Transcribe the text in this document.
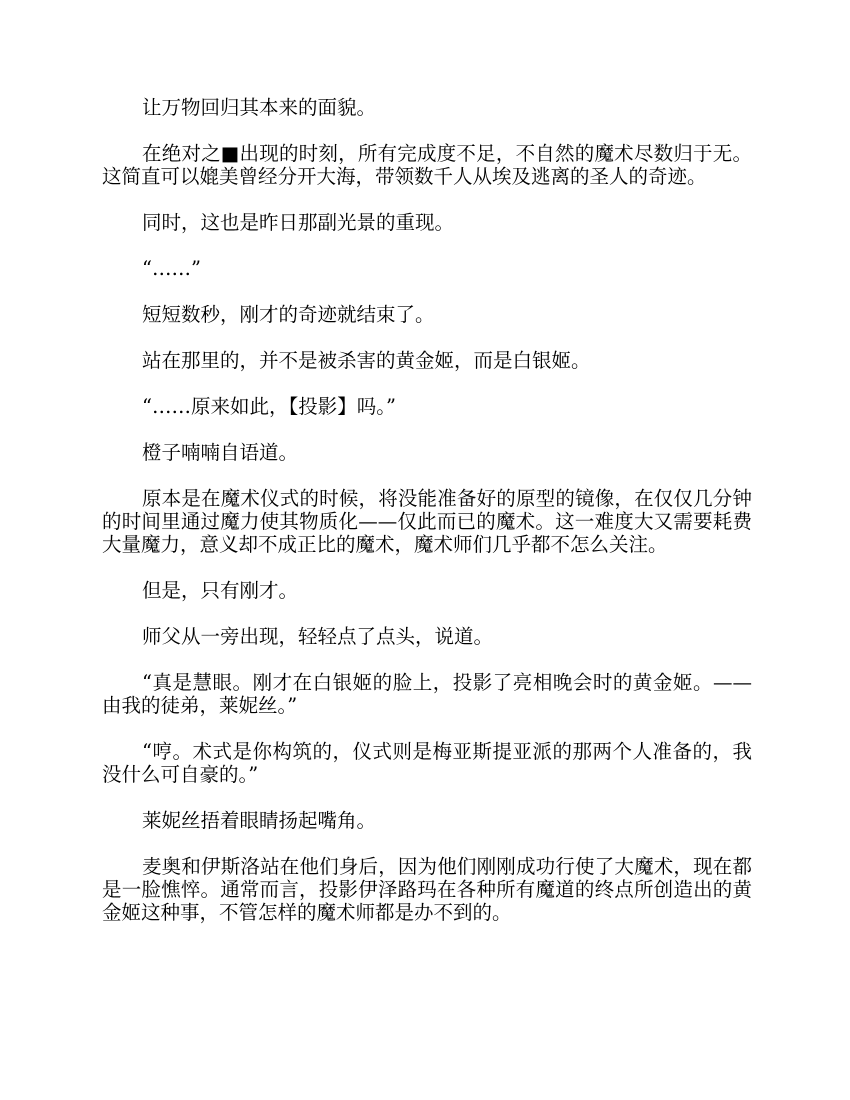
让万物回归其本来的面貌。

在绝对之■出现的时刻，所有完成度不足，不自然的魔术尽数归于无。这简直可以媲美曾经分开大海，带领数千人从埃及逃离的圣人的奇迹。

同时，这也是昨日那副光景的重现。

“……”

短短数秒，刚才的奇迹就结束了。

站在那里的，并不是被杀害的黄金姬，而是白银姬。

“……原来如此，【投影】吗。”

橙子喃喃自语道。

原本是在魔术仪式的时候，将没能准备好的原型的镜像，在仅仅几分钟的时间里通过魔力使其物质化——仅此而已的魔术。这一难度大又需要耗费大量魔力，意义却不成正比的魔术，魔术师们几乎都不怎么关注。

但是，只有刚才。

师父从一旁出现，轻轻点了点头，说道。

“真是慧眼。刚才在白银姬的脸上，投影了亮相晚会时的黄金姬。——由我的徒弟，莱妮丝。”

“哼。术式是你构筑的，仪式则是梅亚斯提亚派的那两个人准备的，我没什么可自豪的。”

莱妮丝捂着眼睛扬起嘴角。

麦奥和伊斯洛站在他们身后，因为他们刚刚成功行使了大魔术，现在都是一脸憔悴。通常而言，投影伊泽路玛在各种所有魔道的终点所创造出的黄金姬这种事，不管怎样的魔术师都是办不到的。
